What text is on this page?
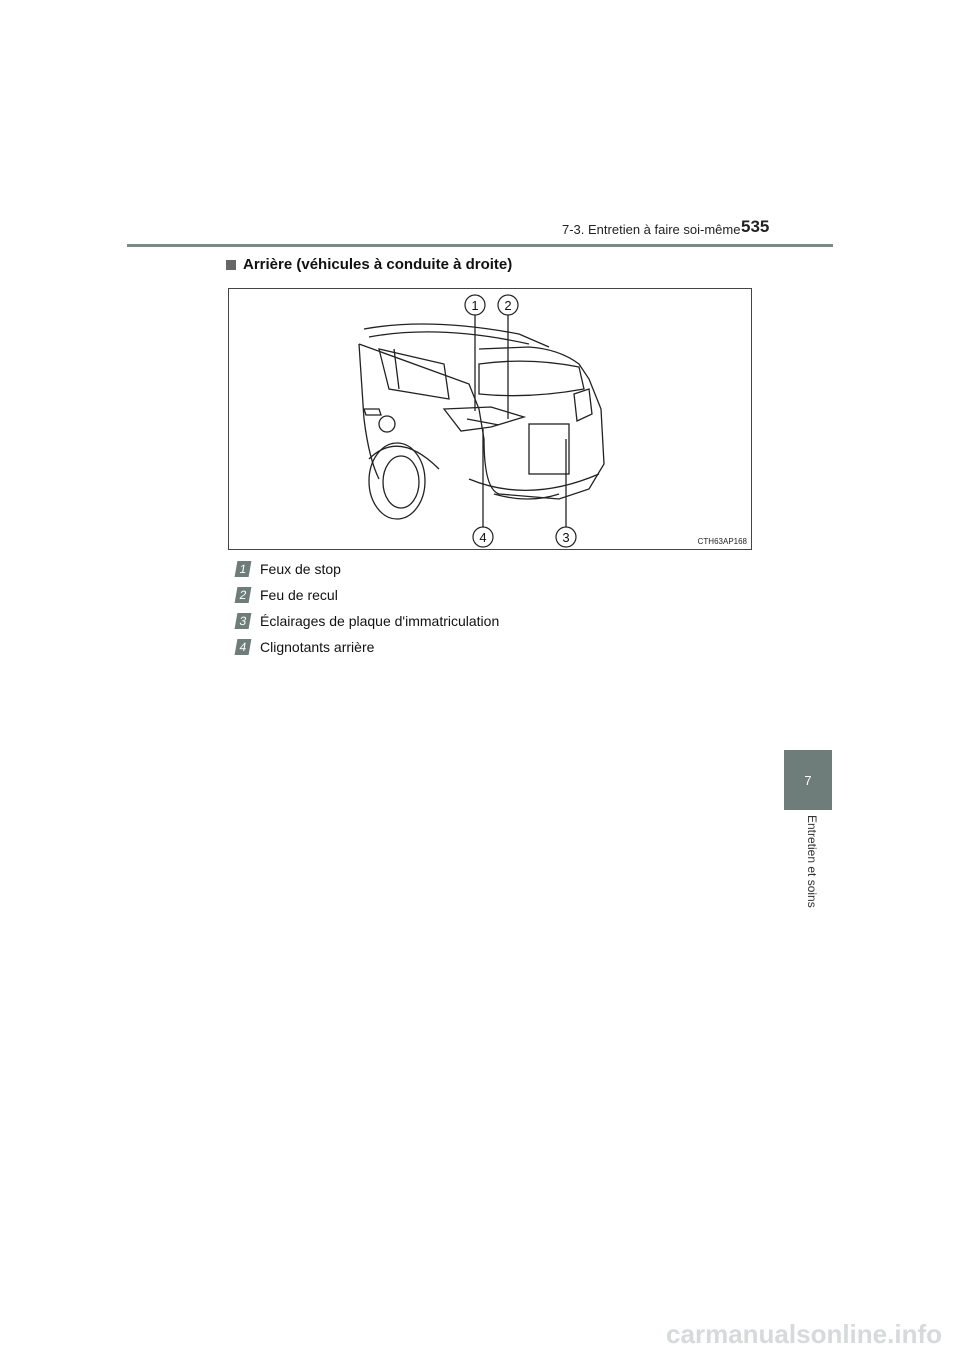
7-3. Entretien à faire soi-même 535
7
Entretien et soins
Arrière (véhicules à conduite à droite)
1 2
3
4	CTH63AP168
1 Feux de stop
2 Feu de recul
3 Éclairages de plaque d'immatriculation
4 Clignotants arrière
carmanualsonline.info
